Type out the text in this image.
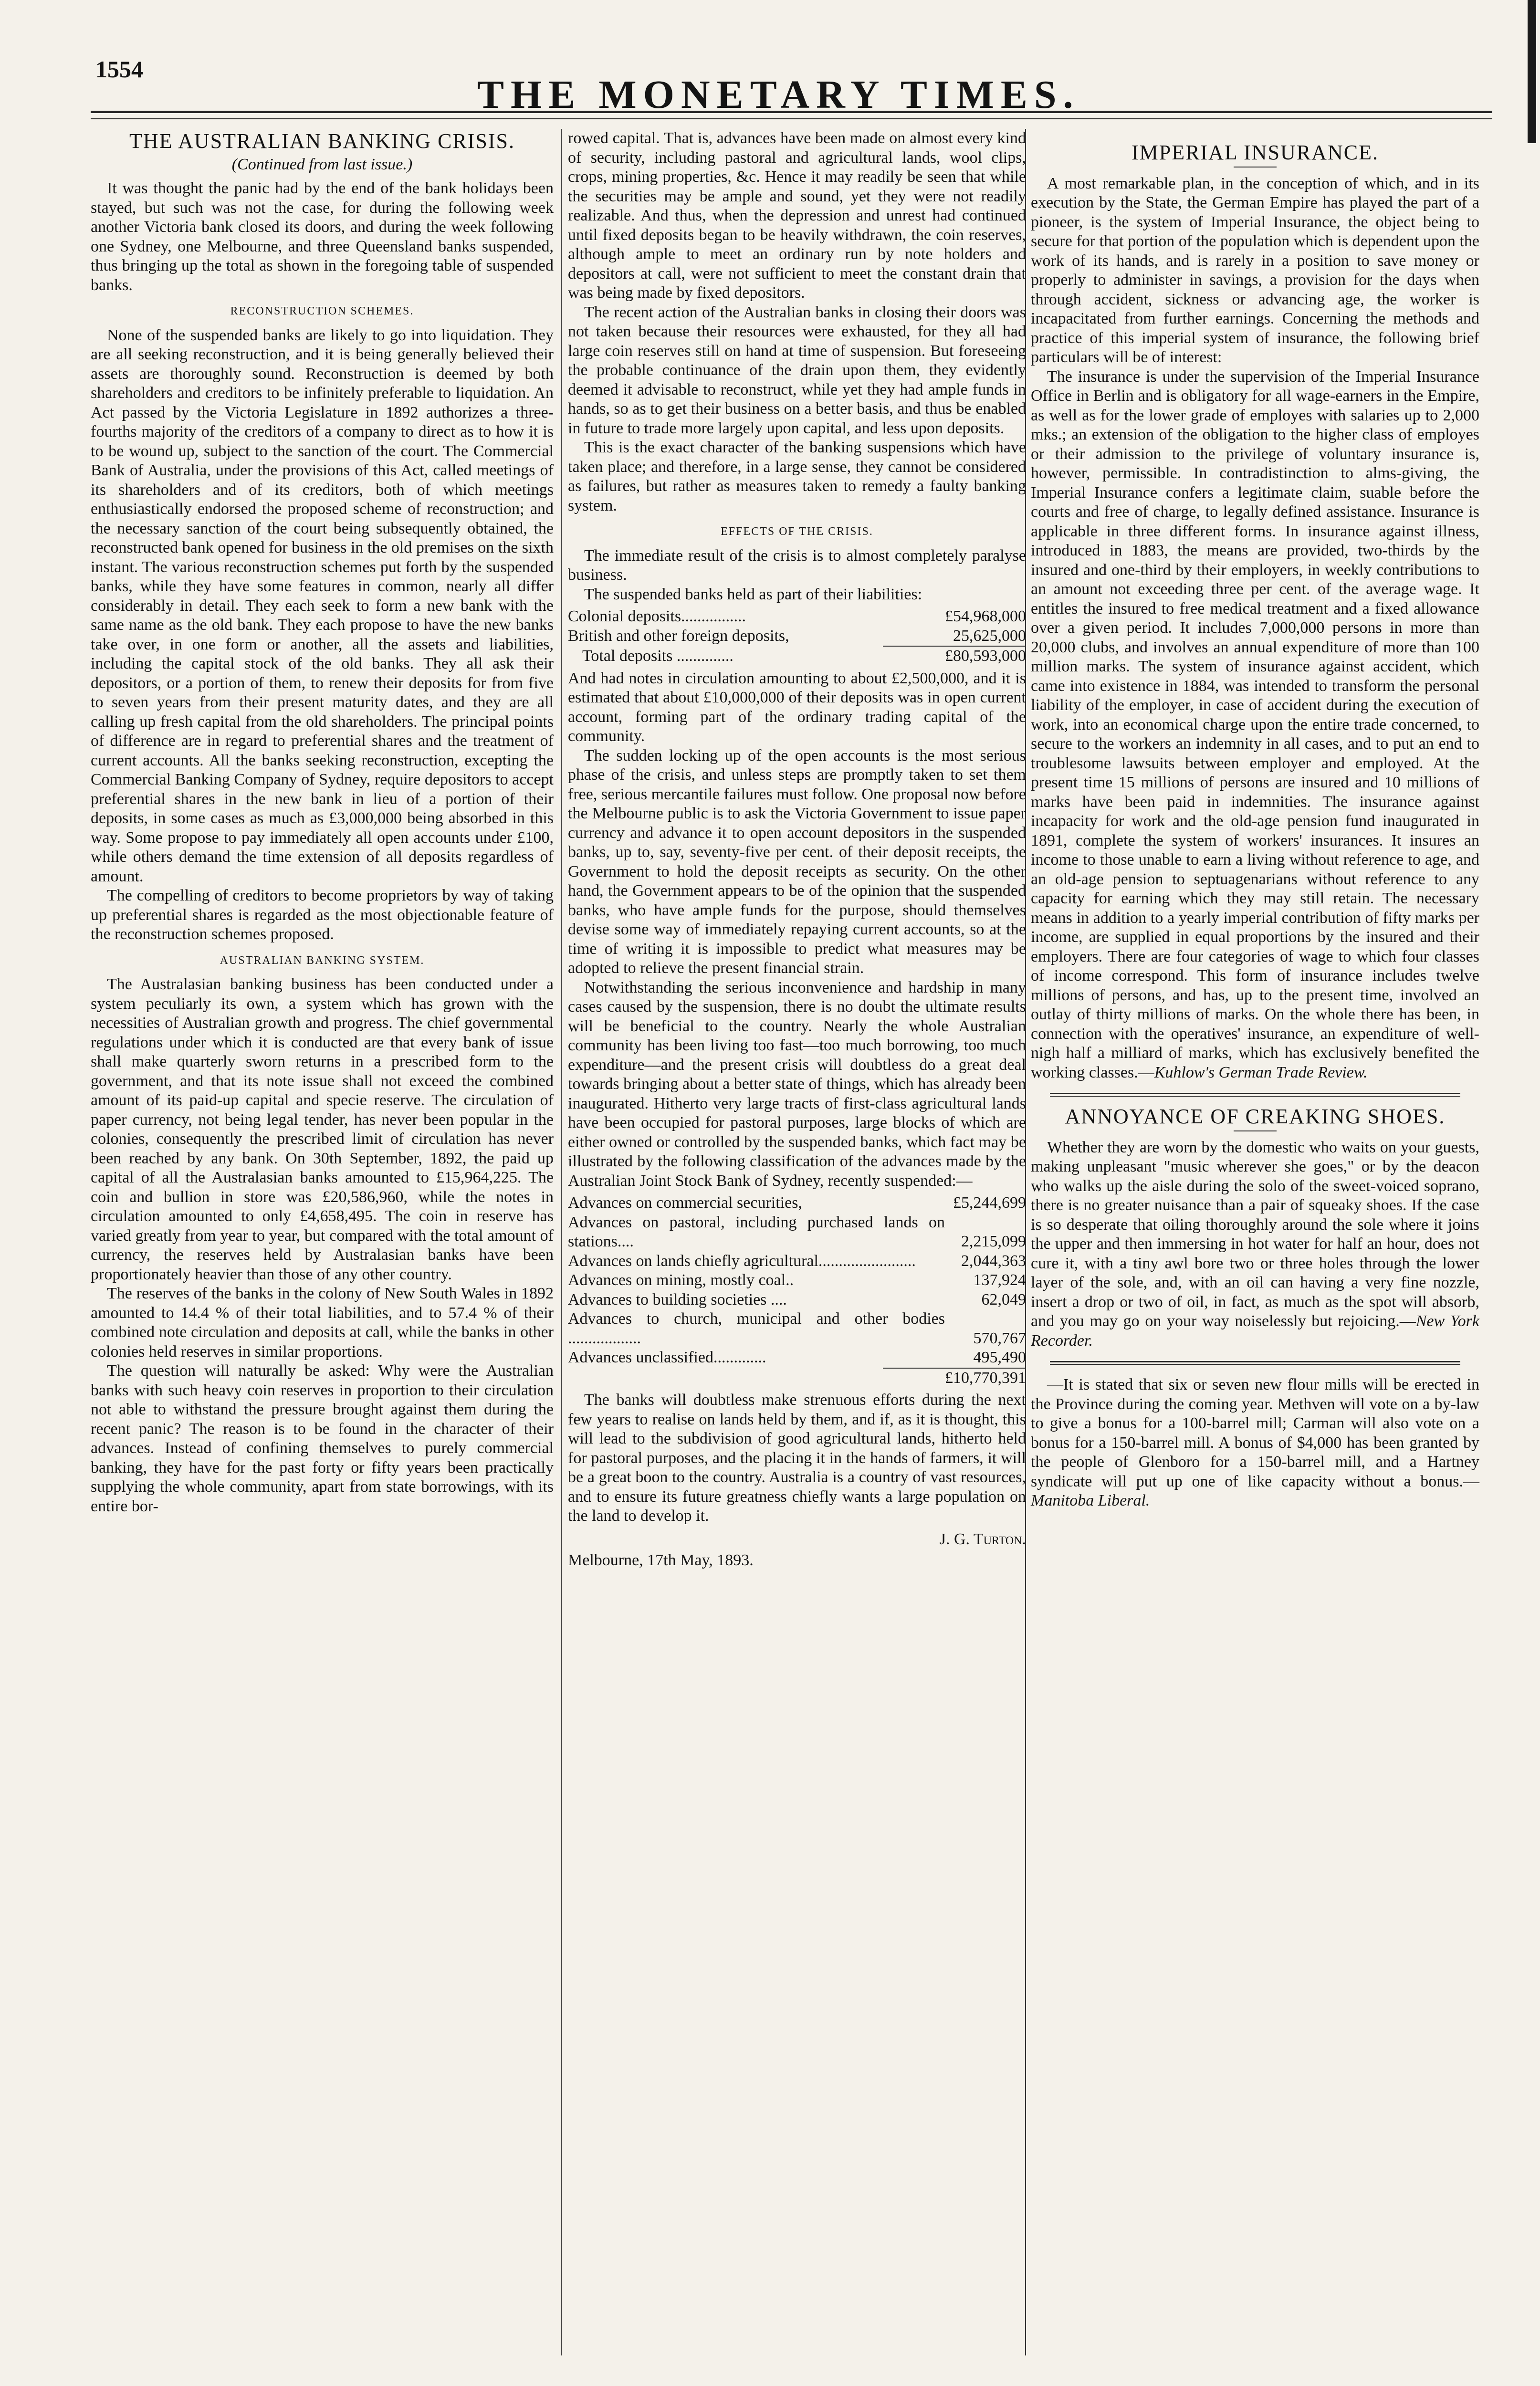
1554
THE MONETARY TIMES.
THE AUSTRALIAN BANKING CRISIS.
(Continued from last issue.)

It was thought the panic had by the end of the bank holidays been stayed, but such was not the case, for during the following week another Victoria bank closed its doors, and during the week following one Sydney, one Melbourne, and three Queensland banks suspended, thus bringing up the total as shown in the foregoing table of suspended banks.

RECONSTRUCTION SCHEMES.

None of the suspended banks are likely to go into liquidation. They are all seeking reconstruction, and it is being generally believed their assets are thoroughly sound. Reconstruction is deemed by both shareholders and creditors to be infinitely preferable to liquidation. An Act passed by the Victoria Legislature in 1892 authorizes a three-fourths majority of the creditors of a company to direct as to how it is to be wound up, subject to the sanction of the court. The Commercial Bank of Australia, under the provisions of this Act, called meetings of its shareholders and of its creditors, both of which meetings enthusiastically endorsed the proposed scheme of reconstruction; and the necessary sanction of the court being subsequently obtained, the reconstructed bank opened for business in the old premises on the sixth instant. The various reconstruction schemes put forth by the suspended banks, while they have some features in common, nearly all differ considerably in detail. They each seek to form a new bank with the same name as the old bank. They each propose to have the new banks take over, in one form or another, all the assets and liabilities, including the capital stock of the old banks. They all ask their depositors, or a portion of them, to renew their deposits for from five to seven years from their present maturity dates, and they are all calling up fresh capital from the old shareholders. The principal points of difference are in regard to preferential shares and the treatment of current accounts. All the banks seeking reconstruction, excepting the Commercial Banking Company of Sydney, require depositors to accept preferential shares in the new bank in lieu of a portion of their deposits, in some cases as much as £3,000,000 being absorbed in this way. Some propose to pay immediately all open accounts under £100, while others demand the time extension of all deposits regardless of amount.

The compelling of creditors to become proprietors by way of taking up preferential shares is regarded as the most objectionable feature of the reconstruction schemes proposed.

AUSTRALIAN BANKING SYSTEM.

The Australasian banking business has been conducted under a system peculiarly its own, a system which has grown with the necessities of Australian growth and progress. The chief governmental regulations under which it is conducted are that every bank of issue shall make quarterly sworn returns in a prescribed form to the government, and that its note issue shall not exceed the combined amount of its paid-up capital and specie reserve. The circulation of paper currency, not being legal tender, has never been popular in the colonies, consequently the prescribed limit of circulation has never been reached by any bank. On 30th September, 1892, the paid up capital of all the Australasian banks amounted to £15,964,225. The coin and bullion in store was £20,586,960, while the notes in circulation amounted to only £4,658,495. The coin in reserve has varied greatly from year to year, but compared with the total amount of currency, the reserves held by Australasian banks have been proportionately heavier than those of any other country.

The reserves of the banks in the colony of New South Wales in 1892 amounted to 14.4 % of their total liabilities, and to 57.4 % of their combined note circulation and deposits at call, while the banks in other colonies held reserves in similar proportions.

The question will naturally be asked: Why were the Australian banks with such heavy coin reserves in proportion to their circulation not able to withstand the pressure brought against them during the recent panic? The reason is to be found in the character of their advances. Instead of confining themselves to purely commercial banking, they have for the past forty or fifty years been practically supplying the whole community, apart from state borrowings, with its entire bor-

rowed capital. That is, advances have been made on almost every kind of security, including pastoral and agricultural lands, wool clips, crops, mining properties, &c. Hence it may readily be seen that while the securities may be ample and sound, yet they were not readily realizable. And thus, when the depression and unrest had continued until fixed deposits began to be heavily withdrawn, the coin reserves, although ample to meet an ordinary run by note holders and depositors at call, were not sufficient to meet the constant drain that was being made by fixed depositors.

The recent action of the Australian banks in closing their doors was not taken because their resources were exhausted, for they all had large coin reserves still on hand at time of suspension. But foreseeing the probable continuance of the drain upon them, they evidently deemed it advisable to reconstruct, while yet they had ample funds in hands, so as to get their business on a better basis, and thus be enabled in future to trade more largely upon capital, and less upon deposits.

This is the exact character of the banking suspensions which have taken place; and therefore, in a large sense, they cannot be considered as failures, but rather as measures taken to remedy a faulty banking system.

EFFECTS OF THE CRISIS.

The immediate result of the crisis is to almost completely paralyse business.

The suspended banks held as part of their liabilities:

Colonial deposits................	£54,968,000
British and other foreign deposits,	25,625,000

Total deposits ..............	£80,593,000

And had notes in circulation amounting to about £2,500,000, and it is estimated that about £10,000,000 of their deposits was in open current account, forming part of the ordinary trading capital of the community.

The sudden locking up of the open accounts is the most serious phase of the crisis, and unless steps are promptly taken to set them free, serious mercantile failures must follow. One proposal now before the Melbourne public is to ask the Victoria Government to issue paper currency and advance it to open account depositors in the suspended banks, up to, say, seventy-five per cent. of their deposit receipts, the Government to hold the deposit receipts as security. On the other hand, the Government appears to be of the opinion that the suspended banks, who have ample funds for the purpose, should themselves devise some way of immediately repaying current accounts, so at the time of writing it is impossible to predict what measures may be adopted to relieve the present financial strain.

Notwithstanding the serious inconvenience and hardship in many cases caused by the suspension, there is no doubt the ultimate results will be beneficial to the country. Nearly the whole Australian community has been living too fast—too much borrowing, too much expenditure—and the present crisis will doubtless do a great deal towards bringing about a better state of things, which has already been inaugurated. Hitherto very large tracts of first-class agricultural lands have been occupied for pastoral purposes, large blocks of which are either owned or controlled by the suspended banks, which fact may be illustrated by the following classification of the advances made by the Australian Joint Stock Bank of Sydney, recently suspended:—

Advances on commercial securities,	£5,244,699
Advances on pastoral, including purchased lands on stations....	2,215,099
Advances on lands chiefly agricultural........................	2,044,363
Advances on mining, mostly coal..	137,924
Advances to building societies ....	62,049
Advances to church, municipal and other bodies ..................	570,767
Advances unclassified.............	495,490

	£10,770,391

The banks will doubtless make strenuous efforts during the next few years to realise on lands held by them, and if, as it is thought, this will lead to the subdivision of good agricultural lands, hitherto held for pastoral purposes, and the placing it in the hands of farmers, it will be a great boon to the country. Australia is a country of vast resources, and to ensure its future greatness chiefly wants a large population on the land to develop it.

J. G. Turton.

Melbourne, 17th May, 1893.

IMPERIAL INSURANCE.

A most remarkable plan, in the conception of which, and in its execution by the State, the German Empire has played the part of a pioneer, is the system of Imperial Insurance, the object being to secure for that portion of the population which is dependent upon the work of its hands, and is rarely in a position to save money or properly to administer in savings, a provision for the days when through accident, sickness or advancing age, the worker is incapacitated from further earnings. Concerning the methods and practice of this imperial system of insurance, the following brief particulars will be of interest:

The insurance is under the supervision of the Imperial Insurance Office in Berlin and is obligatory for all wage-earners in the Empire, as well as for the lower grade of employes with salaries up to 2,000 mks.; an extension of the obligation to the higher class of employes or their admission to the privilege of voluntary insurance is, however, permissible. In contradistinction to alms-giving, the Imperial Insurance confers a legitimate claim, suable before the courts and free of charge, to legally defined assistance. Insurance is applicable in three different forms. In insurance against illness, introduced in 1883, the means are provided, two-thirds by the insured and one-third by their employers, in weekly contributions to an amount not exceeding three per cent. of the average wage. It entitles the insured to free medical treatment and a fixed allowance over a given period. It includes 7,000,000 persons in more than 20,000 clubs, and involves an annual expenditure of more than 100 million marks. The system of insurance against accident, which came into existence in 1884, was intended to transform the personal liability of the employer, in case of accident during the execution of work, into an economical charge upon the entire trade concerned, to secure to the workers an indemnity in all cases, and to put an end to troublesome lawsuits between employer and employed. At the present time 15 millions of persons are insured and 10 millions of marks have been paid in indemnities. The insurance against incapacity for work and the old-age pension fund inaugurated in 1891, complete the system of workers' insurances. It insures an income to those unable to earn a living without reference to age, and an old-age pension to septuagenarians without reference to any capacity for earning which they may still retain. The necessary means in addition to a yearly imperial contribution of fifty marks per income, are supplied in equal proportions by the insured and their employers. There are four categories of wage to which four classes of income correspond. This form of insurance includes twelve millions of persons, and has, up to the present time, involved an outlay of thirty millions of marks. On the whole there has been, in connection with the operatives' insurance, an expenditure of well-nigh half a milliard of marks, which has exclusively benefited the working classes.—Kuhlow's German Trade Review.

ANNOYANCE OF CREAKING SHOES.

Whether they are worn by the domestic who waits on your guests, making unpleasant "music wherever she goes," or by the deacon who walks up the aisle during the solo of the sweet-voiced soprano, there is no greater nuisance than a pair of squeaky shoes. If the case is so desperate that oiling thoroughly around the sole where it joins the upper and then immersing in hot water for half an hour, does not cure it, with a tiny awl bore two or three holes through the lower layer of the sole, and, with an oil can having a very fine nozzle, insert a drop or two of oil, in fact, as much as the spot will absorb, and you may go on your way noiselessly but rejoicing.—New York Recorder.

—It is stated that six or seven new flour mills will be erected in the Province during the coming year. Methven will vote on a by-law to give a bonus for a 100-barrel mill; Carman will also vote on a bonus for a 150-barrel mill. A bonus of $4,000 has been granted by the people of Glenboro for a 150-barrel mill, and a Hartney syndicate will put up one of like capacity without a bonus.—Manitoba Liberal.
